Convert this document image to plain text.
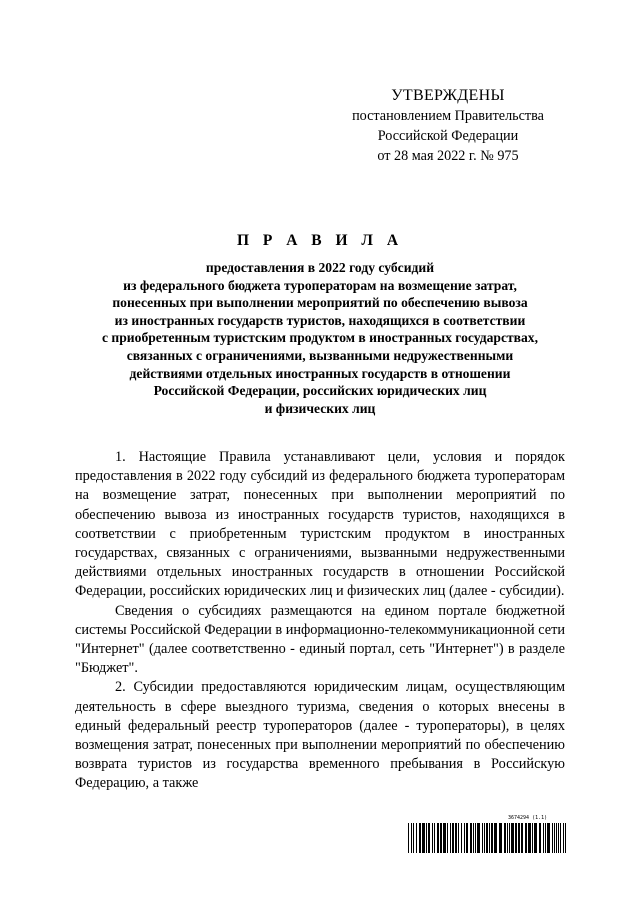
УТВЕРЖДЕНЫ
постановлением Правительства
Российской Федерации
от 28 мая 2022 г. № 975
П Р А В И Л А
предоставления в 2022 году субсидий
из федерального бюджета туроператорам на возмещение затрат,
понесенных при выполнении мероприятий по обеспечению вывоза
из иностранных государств туристов, находящихся в соответствии
с приобретенным туристским продуктом в иностранных государствах,
связанных с ограничениями, вызванными недружественными
действиями отдельных иностранных государств в отношении
Российской Федерации, российских юридических лиц
и физических лиц

1. Настоящие Правила устанавливают цели, условия и порядок предоставления в 2022 году субсидий из федерального бюджета туроператорам на возмещение затрат, понесенных при выполнении мероприятий по обеспечению вывоза из иностранных государств туристов, находящихся в соответствии с приобретенным туристским продуктом в иностранных государствах, связанных с ограничениями, вызванными недружественными действиями отдельных иностранных государств в отношении Российской Федерации, российских юридических лиц и физических лиц (далее - субсидии).

Сведения о субсидиях размещаются на едином портале бюджетной системы Российской Федерации в информационно-телекоммуникационной сети "Интернет" (далее соответственно - единый портал, сеть "Интернет") в разделе "Бюджет".

2. Субсидии предоставляются юридическим лицам, осуществляющим деятельность в сфере выездного туризма, сведения о которых внесены в единый федеральный реестр туроператоров (далее - туроператоры), в целях возмещения затрат, понесенных при выполнении мероприятий по обеспечению возврата туристов из государства временного пребывания в Российскую Федерацию, а также

3674294 (1.1)
